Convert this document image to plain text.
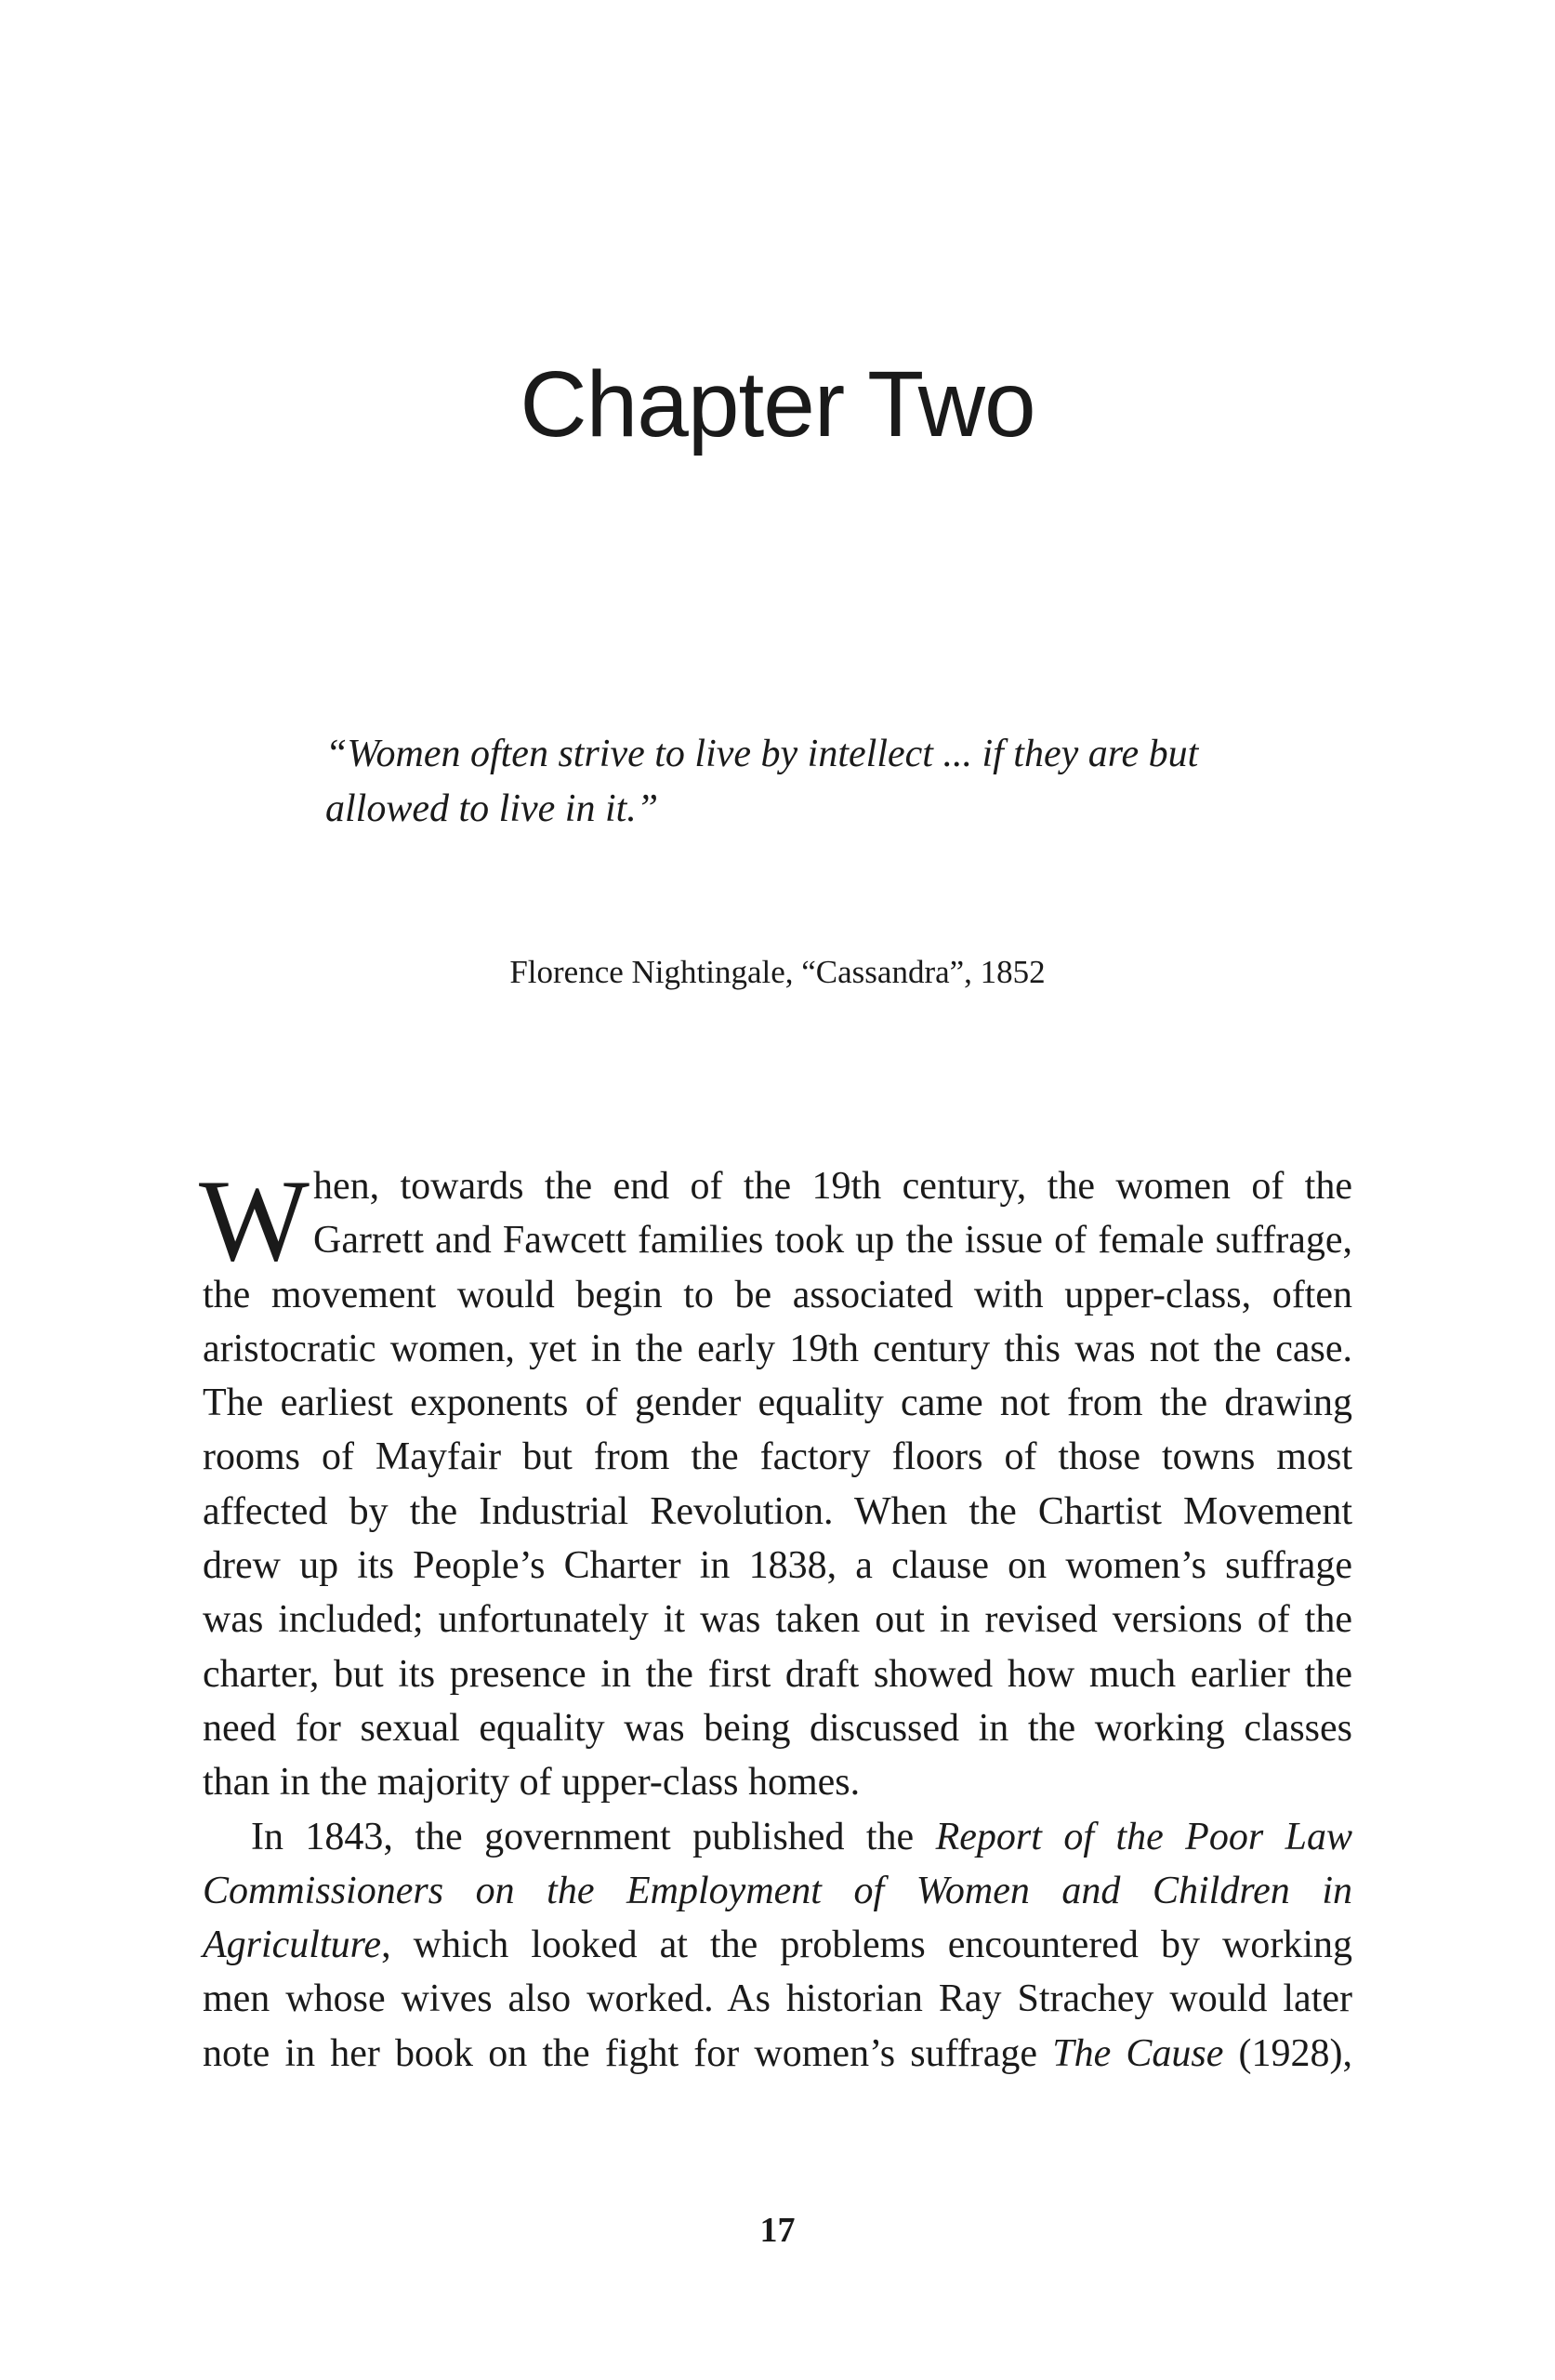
Chapter Two
“Women often strive to live by intellect ... if they are but
allowed to live in it.”

Florence Nightingale, “Cassandra”, 1852

W hen, towards the end of the 19th century, the women of the
Garrett and Fawcett families took up the issue of female suffrage,
the movement would begin to be associated with upper-class, often
aristocratic women, yet in the early 19th century this was not the case.
The earliest exponents of gender equality came not from the drawing
rooms of Mayfair but from the factory floors of those towns most
affected by the Industrial Revolution. When the Chartist Movement
drew up its People’s Charter in 1838, a clause on women’s suffrage
was included; unfortunately it was taken out in revised versions of the
charter, but its presence in the first draft showed how much earlier the
need for sexual equality was being discussed in the working classes
than in the majority of upper-class homes.
In 1843, the government published the Report of the Poor Law
Commissioners on the Employment of Women and Children in
Agriculture, which looked at the problems encountered by working
men whose wives also worked. As historian Ray Strachey would later
note in her book on the fight for women’s suffrage The Cause (1928),

17
